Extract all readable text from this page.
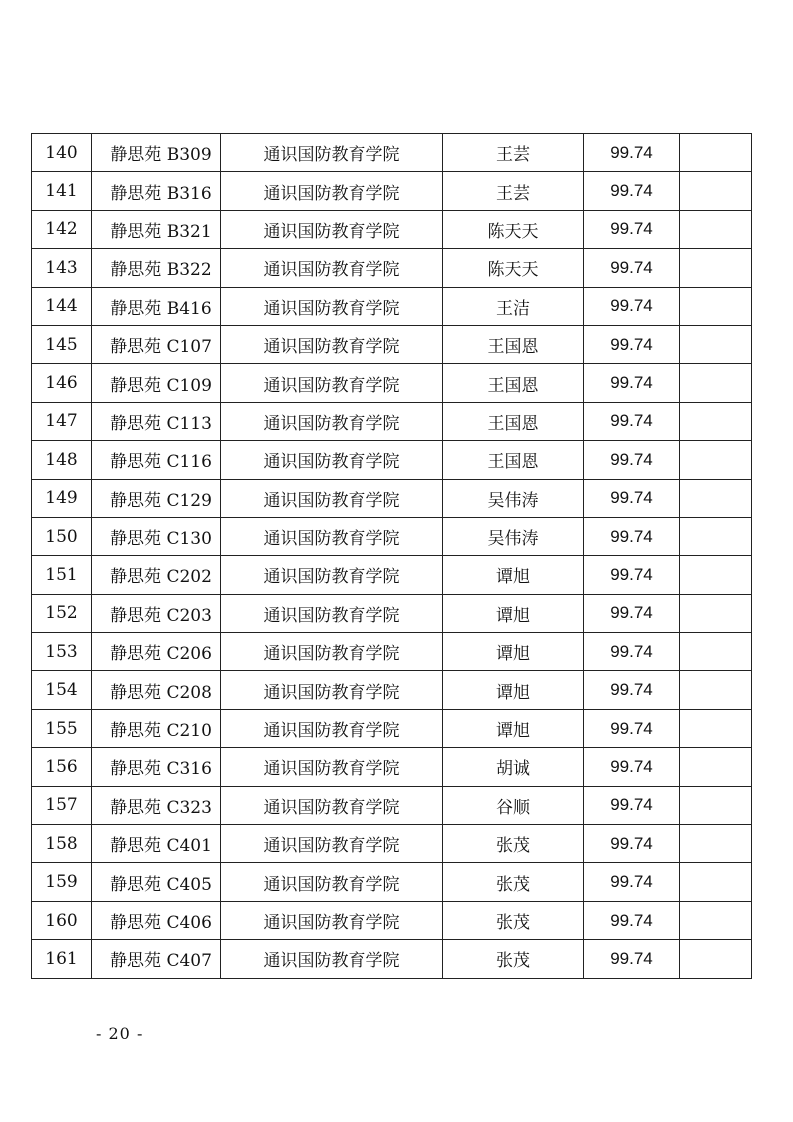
140	静思苑 B309	通识国防教育学院	王芸	99.74	
141	静思苑 B316	通识国防教育学院	王芸	99.74	
142	静思苑 B321	通识国防教育学院	陈天天	99.74	
143	静思苑 B322	通识国防教育学院	陈天天	99.74	
144	静思苑 B416	通识国防教育学院	王洁	99.74	
145	静思苑 C107	通识国防教育学院	王国恩	99.74	
146	静思苑 C109	通识国防教育学院	王国恩	99.74	
147	静思苑 C113	通识国防教育学院	王国恩	99.74	
148	静思苑 C116	通识国防教育学院	王国恩	99.74	
149	静思苑 C129	通识国防教育学院	吴伟涛	99.74	
150	静思苑 C130	通识国防教育学院	吴伟涛	99.74	
151	静思苑 C202	通识国防教育学院	谭旭	99.74	
152	静思苑 C203	通识国防教育学院	谭旭	99.74	
153	静思苑 C206	通识国防教育学院	谭旭	99.74	
154	静思苑 C208	通识国防教育学院	谭旭	99.74	
155	静思苑 C210	通识国防教育学院	谭旭	99.74	
156	静思苑 C316	通识国防教育学院	胡诚	99.74	
157	静思苑 C323	通识国防教育学院	谷顺	99.74	
158	静思苑 C401	通识国防教育学院	张茂	99.74	
159	静思苑 C405	通识国防教育学院	张茂	99.74	
160	静思苑 C406	通识国防教育学院	张茂	99.74	
161	静思苑 C407	通识国防教育学院	张茂	99.74	
- 20 -
